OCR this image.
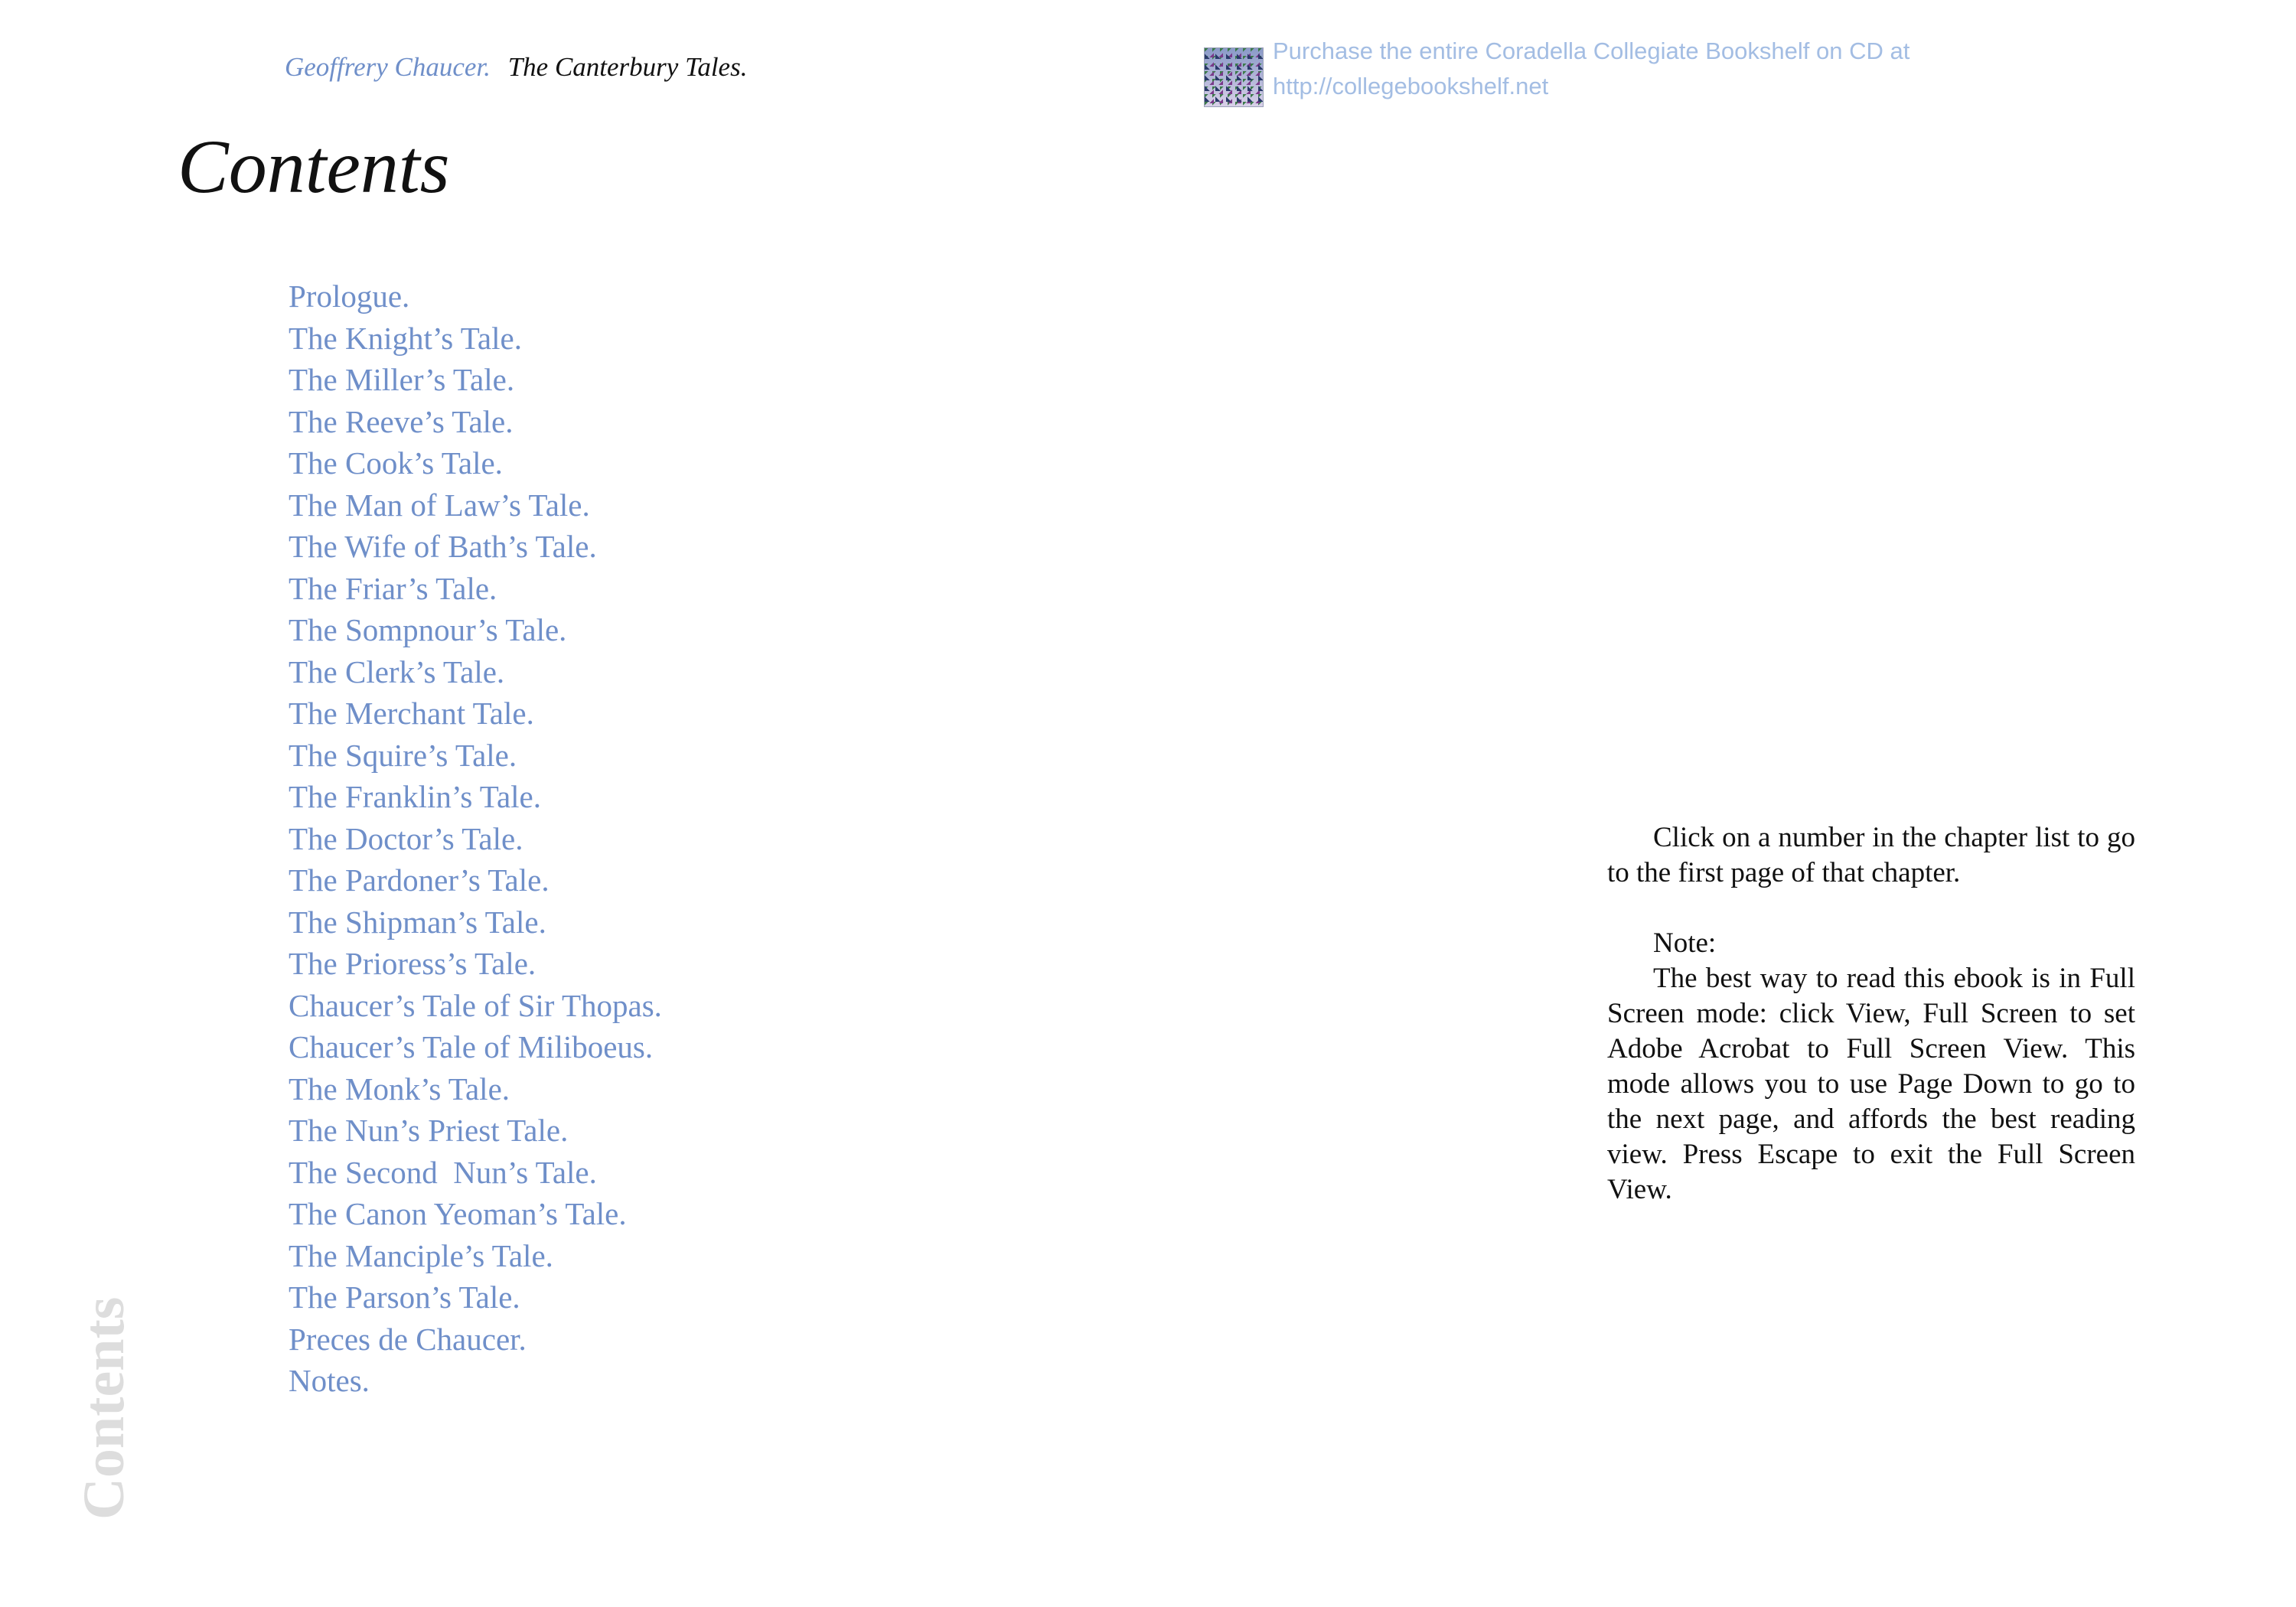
Geoffrery Chaucer. The Canterbury Tales.
Purchase the entire Coradella Collegiate Bookshelf on CD at
http://collegebookshelf.net
Contents
Prologue.
The Knight’s Tale.
The Miller’s Tale.
The Reeve’s Tale.
The Cook’s Tale.
The Man of Law’s Tale.
The Wife of Bath’s Tale.
The Friar’s Tale.
The Sompnour’s Tale.
The Clerk’s Tale.
The Merchant Tale.
The Squire’s Tale.
The Franklin’s Tale.
The Doctor’s Tale.
The Pardoner’s Tale.
The Shipman’s Tale.
The Prioress’s Tale.
Chaucer’s Tale of Sir Thopas.
Chaucer’s Tale of Miliboeus.
The Monk’s Tale.
The Nun’s Priest Tale.
The Second  Nun’s Tale.
The Canon Yeoman’s Tale.
The Manciple’s Tale.
The Parson’s Tale.
Preces de Chaucer.
Notes.
Contents

Click on a number in the chapter list to go to the first page of that chapter.

Note:

The best way to read this ebook is in Full Screen mode: click View, Full Screen to set Adobe Acrobat to Full Screen View. This mode allows you to use Page Down to go to the next page, and affords the best reading view. Press Escape to exit the Full Screen View.
